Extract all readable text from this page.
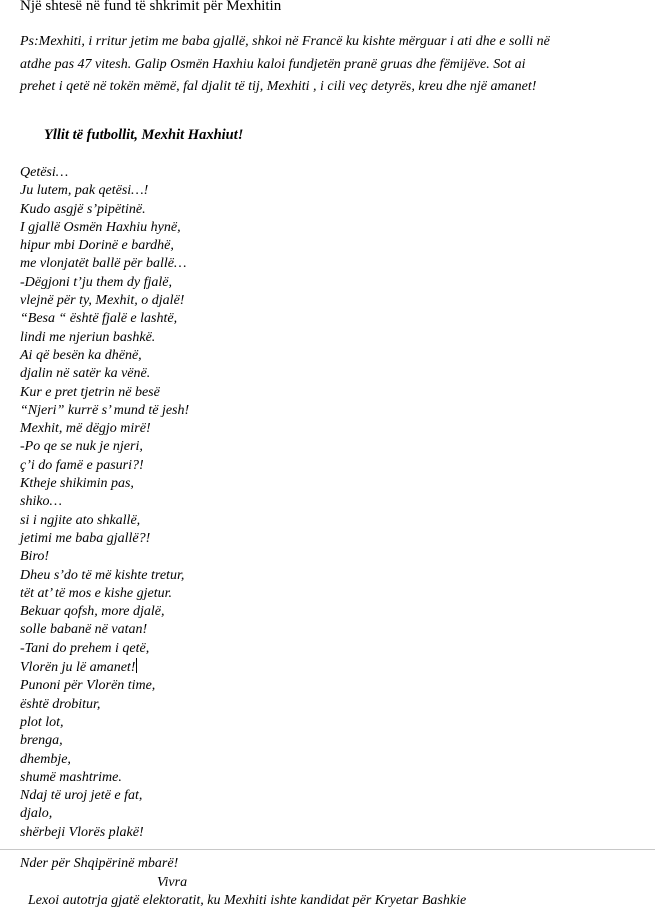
Një shtesë në fund të shkrimit për Mexhitin
Ps:Mexhiti, i rritur jetim me baba gjallë, shkoi në Francë ku kishte mërguar i ati dhe e solli në
atdhe pas 47 vitesh. Galip Osmën Haxhiu kaloi fundjetën pranë gruas dhe fëmijëve. Sot ai
prehet i qetë në tokën mëmë, fal djalit të tij, Mexhiti , i cili veç detyrës, kreu dhe një amanet!
Yllit të futbollit, Mexhit Haxhiut!
Qetësi…
Ju lutem, pak qetësi…!
Kudo asgjë s’pipëtinë.
I gjallë Osmën Haxhiu hynë,
hipur mbi Dorinë e bardhë,
me vlonjatët ballë për ballë…
-Dëgjoni t’ju them dy fjalë,
vlejnë për ty, Mexhit, o djalë!
“Besa “ është fjalë e lashtë,
lindi me njeriun bashkë.
Ai që besën ka dhënë,
djalin në satër ka vënë.
Kur e pret tjetrin në besë
“Njeri” kurrë s’ mund të jesh!
Mexhit, më dëgjo mirë!
-Po qe se nuk je njeri,
ç’i do famë e pasuri?!
Ktheje shikimin pas,
shiko…
si i ngjite ato shkallë,
jetimi me baba gjallë?!
Biro!
Dheu s’do të më kishte tretur,
tët at’ të mos e kishe gjetur.
Bekuar qofsh, more djalë,
solle babanë në vatan!
-Tani do prehem i qetë,
Vlorën ju lë amanet!
Punoni për Vlorën time,
është drobitur,
plot lot,
brenga,
dhembje,
shumë mashtrime.
Ndaj të uroj jetë e fat,
djalo,
shërbeji Vlorës plakë!
Nder për Shqipërinë mbarë!
Vivra
Lexoi autotrja gjatë elektoratit, ku Mexhiti ishte kandidat për Kryetar Bashkie
